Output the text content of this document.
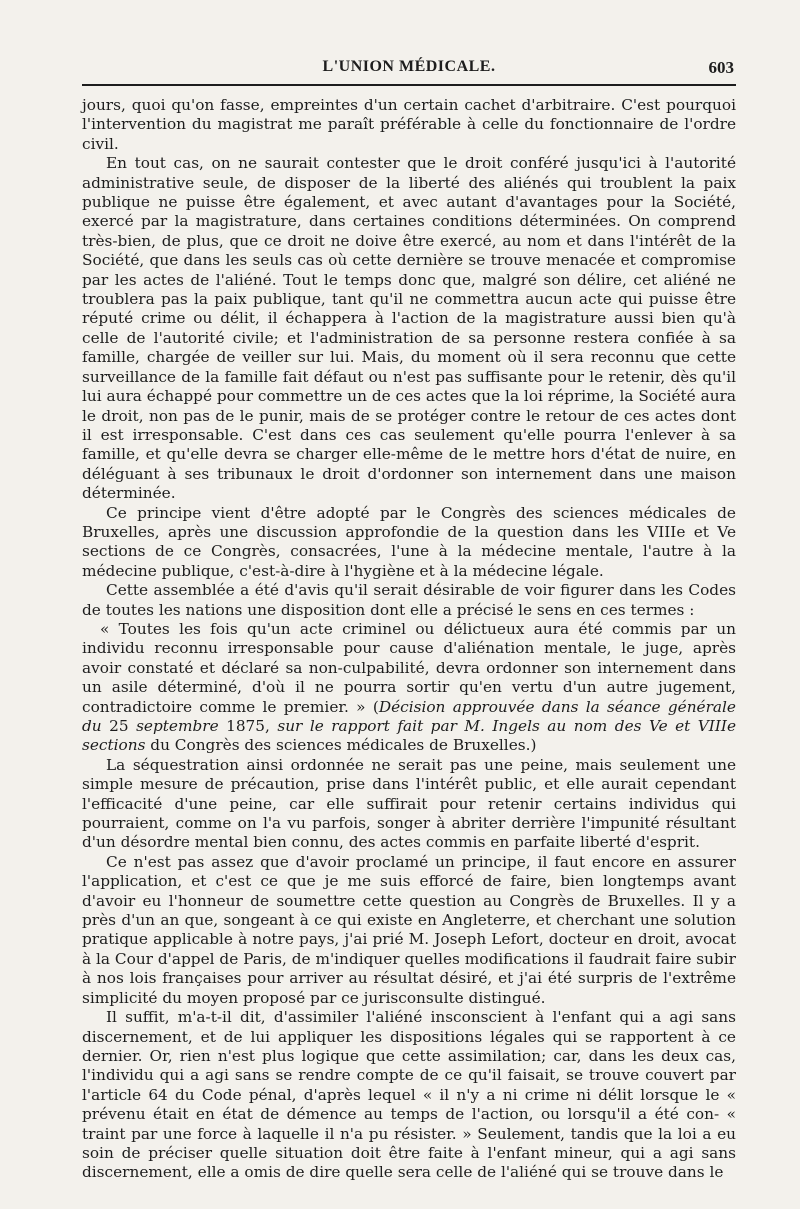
L'UNION MÉDICALE.	603

jours, quoi qu'on fasse, empreintes d'un certain cachet d'arbitraire. C'est pourquoi l'intervention du magistrat me paraît préférable à celle du fonctionnaire de l'ordre civil.

En tout cas, on ne saurait contester que le droit conféré jusqu'ici à l'autorité administrative seule, de disposer de la liberté des aliénés qui troublent la paix publique ne puisse être également, et avec autant d'avantages pour la Société, exercé par la magistrature, dans certaines conditions déterminées. On comprend très-bien, de plus, que ce droit ne doive être exercé, au nom et dans l'intérêt de la Société, que dans les seuls cas où cette dernière se trouve menacée et compromise par les actes de l'aliéné. Tout le temps donc que, malgré son délire, cet aliéné ne troublera pas la paix publique, tant qu'il ne commettra aucun acte qui puisse être réputé crime ou délit, il échappera à l'action de la magistrature aussi bien qu'à celle de l'autorité civile; et l'administration de sa personne restera confiée à sa famille, chargée de veiller sur lui. Mais, du moment où il sera reconnu que cette surveillance de la famille fait défaut ou n'est pas suffisante pour le retenir, dès qu'il lui aura échappé pour commettre un de ces actes que la loi réprime, la Société aura le droit, non pas de le punir, mais de se protéger contre le retour de ces actes dont il est irresponsable. C'est dans ces cas seulement qu'elle pourra l'enlever à sa famille, et qu'elle devra se charger elle-même de le mettre hors d'état de nuire, en déléguant à ses tribunaux le droit d'ordonner son internement dans une maison déterminée.

Ce principe vient d'être adopté par le Congrès des sciences médicales de Bruxelles, après une discussion approfondie de la question dans les VIIIe et Ve sections de ce Congrès, consacrées, l'une à la médecine mentale, l'autre à la médecine publique, c'est-à-dire à l'hygiène et à la médecine légale.

Cette assemblée a été d'avis qu'il serait désirable de voir figurer dans les Codes de toutes les nations une disposition dont elle a précisé le sens en ces termes :

« Toutes les fois qu'un acte criminel ou délictueux aura été commis par un individu reconnu irresponsable pour cause d'aliénation mentale, le juge, après avoir constaté et déclaré sa non-culpabilité, devra ordonner son internement dans un asile déterminé, d'où il ne pourra sortir qu'en vertu d'un autre jugement, contradictoire comme le premier. » (Décision approuvée dans la séance générale du 25 septembre 1875, sur le rapport fait par M. Ingels au nom des Ve et VIIIe sections du Congrès des sciences médicales de Bruxelles.)

La séquestration ainsi ordonnée ne serait pas une peine, mais seulement une simple mesure de précaution, prise dans l'intérêt public, et elle aurait cependant l'efficacité d'une peine, car elle suffirait pour retenir certains individus qui pourraient, comme on l'a vu parfois, songer à abriter derrière l'impunité résultant d'un désordre mental bien connu, des actes commis en parfaite liberté d'esprit.

Ce n'est pas assez que d'avoir proclamé un principe, il faut encore en assurer l'application, et c'est ce que je me suis efforcé de faire, bien longtemps avant d'avoir eu l'honneur de soumettre cette question au Congrès de Bruxelles. Il y a près d'un an que, songeant à ce qui existe en Angleterre, et cherchant une solution pratique applicable à notre pays, j'ai prié M. Joseph Lefort, docteur en droit, avocat à la Cour d'appel de Paris, de m'indiquer quelles modifications il faudrait faire subir à nos lois françaises pour arriver au résultat désiré, et j'ai été surpris de l'extrême simplicité du moyen proposé par ce jurisconsulte distingué.

Il suffit, m'a-t-il dit, d'assimiler l'aliéné insconscient à l'enfant qui a agi sans discernement, et de lui appliquer les dispositions légales qui se rapportent à ce dernier. Or, rien n'est plus logique que cette assimilation; car, dans les deux cas, l'individu qui a agi sans se rendre compte de ce qu'il faisait, se trouve couvert par l'article 64 du Code pénal, d'après lequel « il n'y a ni crime ni délit lorsque le « prévenu était en état de démence au temps de l'action, ou lorsqu'il a été con- « traint par une force à laquelle il n'a pu résister. » Seulement, tandis que la loi a eu soin de préciser quelle situation doit être faite à l'enfant mineur, qui a agi sans discernement, elle a omis de dire quelle sera celle de l'aliéné qui se trouve dans le
